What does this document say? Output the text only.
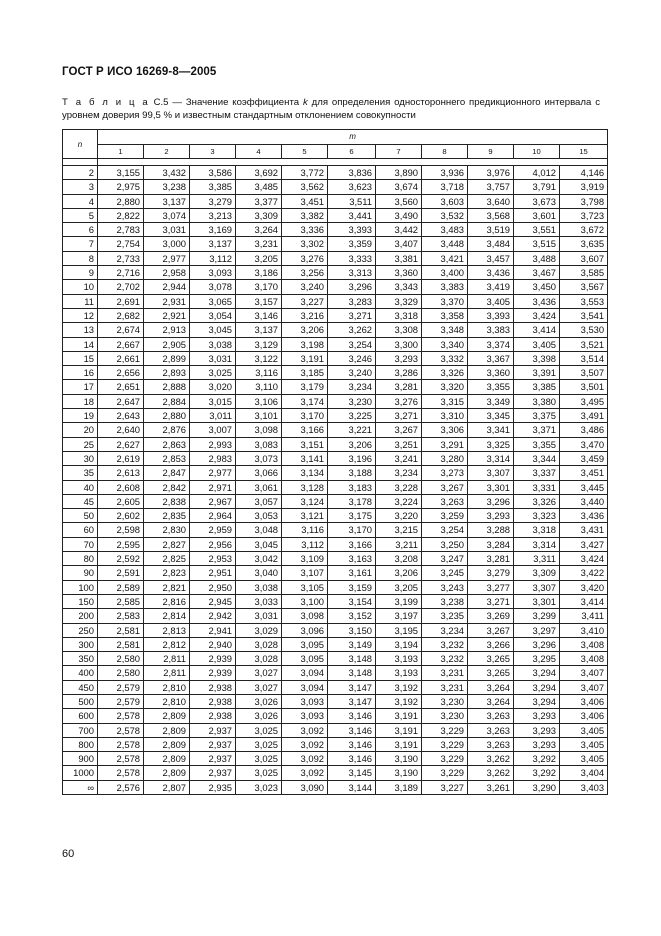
ГОСТ Р ИСО 16269-8—2005
Т а б л и ц а С.5 — Значение коэффициента k для определения одностороннего предикционного интервала с уровнем доверия 99,5 % и известным стандартным отклонением совокупности
n	m										
	1	2	3	4	5	6	7	8	9	10	15

2	3,155	3,432	3,586	3,692	3,772	3,836	3,890	3,936	3,976	4,012	4,146
3	2,975	3,238	3,385	3,485	3,562	3,623	3,674	3,718	3,757	3,791	3,919
4	2,880	3,137	3,279	3,377	3,451	3,511	3,560	3,603	3,640	3,673	3,798
5	2,822	3,074	3,213	3,309	3,382	3,441	3,490	3,532	3,568	3,601	3,723
6	2,783	3,031	3,169	3,264	3,336	3,393	3,442	3,483	3,519	3,551	3,672
7	2,754	3,000	3,137	3,231	3,302	3,359	3,407	3,448	3,484	3,515	3,635
8	2,733	2,977	3,112	3,205	3,276	3,333	3,381	3,421	3,457	3,488	3,607
9	2,716	2,958	3,093	3,186	3,256	3,313	3,360	3,400	3,436	3,467	3,585
10	2,702	2,944	3,078	3,170	3,240	3,296	3,343	3,383	3,419	3,450	3,567
11	2,691	2,931	3,065	3,157	3,227	3,283	3,329	3,370	3,405	3,436	3,553
12	2,682	2,921	3,054	3,146	3,216	3,271	3,318	3,358	3,393	3,424	3,541
13	2,674	2,913	3,045	3,137	3,206	3,262	3,308	3,348	3,383	3,414	3,530
14	2,667	2,905	3,038	3,129	3,198	3,254	3,300	3,340	3,374	3,405	3,521
15	2,661	2,899	3,031	3,122	3,191	3,246	3,293	3,332	3,367	3,398	3,514
16	2,656	2,893	3,025	3,116	3,185	3,240	3,286	3,326	3,360	3,391	3,507
17	2,651	2,888	3,020	3,110	3,179	3,234	3,281	3,320	3,355	3,385	3,501
18	2,647	2,884	3,015	3,106	3,174	3,230	3,276	3,315	3,349	3,380	3,495
19	2,643	2,880	3,011	3,101	3,170	3,225	3,271	3,310	3,345	3,375	3,491
20	2,640	2,876	3,007	3,098	3,166	3,221	3,267	3,306	3,341	3,371	3,486
25	2,627	2,863	2,993	3,083	3,151	3,206	3,251	3,291	3,325	3,355	3,470
30	2,619	2,853	2,983	3,073	3,141	3,196	3,241	3,280	3,314	3,344	3,459
35	2,613	2,847	2,977	3,066	3,134	3,188	3,234	3,273	3,307	3,337	3,451
40	2,608	2,842	2,971	3,061	3,128	3,183	3,228	3,267	3,301	3,331	3,445
45	2,605	2,838	2,967	3,057	3,124	3,178	3,224	3,263	3,296	3,326	3,440
50	2,602	2,835	2,964	3,053	3,121	3,175	3,220	3,259	3,293	3,323	3,436
60	2,598	2,830	2,959	3,048	3,116	3,170	3,215	3,254	3,288	3,318	3,431
70	2,595	2,827	2,956	3,045	3,112	3,166	3,211	3,250	3,284	3,314	3,427
80	2,592	2,825	2,953	3,042	3,109	3,163	3,208	3,247	3,281	3,311	3,424
90	2,591	2,823	2,951	3,040	3,107	3,161	3,206	3,245	3,279	3,309	3,422
100	2,589	2,821	2,950	3,038	3,105	3,159	3,205	3,243	3,277	3,307	3,420
150	2,585	2,816	2,945	3,033	3,100	3,154	3,199	3,238	3,271	3,301	3,414
200	2,583	2,814	2,942	3,031	3,098	3,152	3,197	3,235	3,269	3,299	3,411
250	2,581	2,813	2,941	3,029	3,096	3,150	3,195	3,234	3,267	3,297	3,410
300	2,581	2,812	2,940	3,028	3,095	3,149	3,194	3,232	3,266	3,296	3,408
350	2,580	2,811	2,939	3,028	3,095	3,148	3,193	3,232	3,265	3,295	3,408
400	2,580	2,811	2,939	3,027	3,094	3,148	3,193	3,231	3,265	3,294	3,407
450	2,579	2,810	2,938	3,027	3,094	3,147	3,192	3,231	3,264	3,294	3,407
500	2,579	2,810	2,938	3,026	3,093	3,147	3,192	3,230	3,264	3,294	3,406
600	2,578	2,809	2,938	3,026	3,093	3,146	3,191	3,230	3,263	3,293	3,406
700	2,578	2,809	2,937	3,025	3,092	3,146	3,191	3,229	3,263	3,293	3,405
800	2,578	2,809	2,937	3,025	3,092	3,146	3,191	3,229	3,263	3,293	3,405
900	2,578	2,809	2,937	3,025	3,092	3,146	3,190	3,229	3,262	3,292	3,405
1000	2,578	2,809	2,937	3,025	3,092	3,145	3,190	3,229	3,262	3,292	3,404
∞	2,576	2,807	2,935	3,023	3,090	3,144	3,189	3,227	3,261	3,290	3,403
60
